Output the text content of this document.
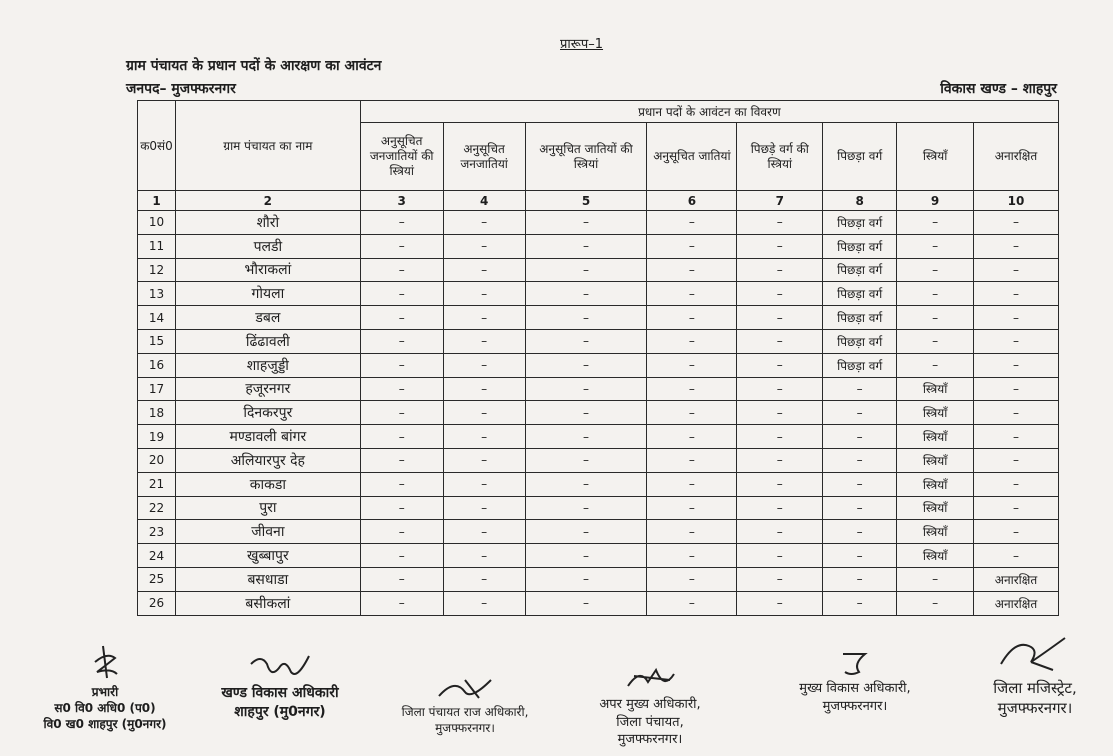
प्रारूप–1
ग्राम पंचायत के प्रधान पदों के आरक्षण का आवंटन
जनपद– मुजफ्फरनगर	विकास खण्ड – शाहपुर
क0सं0	ग्राम पंचायत का नाम	प्रधान पदों के आवंटन का विवरण							
		अनुसूचित जनजातियों की स्त्रियां	अनुसूचित जनजातियां	अनुसूचित जातियों की स्त्रियां	अनुसूचित जातियां	पिछड़े वर्ग की स्त्रियां	पिछड़ा वर्ग	स्त्रियाँ	अनारक्षित
1	2	3	4	5	6	7	8	9	10
10	शौरो	–	–	–	–	–	पिछड़ा वर्ग	–	–
11	पलडी	–	–	–	–	–	पिछड़ा वर्ग	–	–
12	भौराकलां	–	–	–	–	–	पिछड़ा वर्ग	–	–
13	गोयला	–	–	–	–	–	पिछड़ा वर्ग	–	–
14	डबल	–	–	–	–	–	पिछड़ा वर्ग	–	–
15	ढिंढावली	–	–	–	–	–	पिछड़ा वर्ग	–	–
16	शाहजुड्डी	–	–	–	–	–	पिछड़ा वर्ग	–	–
17	हजूरनगर	–	–	–	–	–	–	स्त्रियाँ	–
18	दिनकरपुर	–	–	–	–	–	–	स्त्रियाँ	–
19	मण्डावली बांगर	–	–	–	–	–	–	स्त्रियाँ	–
20	अलियारपुर देह	–	–	–	–	–	–	स्त्रियाँ	–
21	काकडा	–	–	–	–	–	–	स्त्रियाँ	–
22	पुरा	–	–	–	–	–	–	स्त्रियाँ	–
23	जीवना	–	–	–	–	–	–	स्त्रियाँ	–
24	खुब्बापुर	–	–	–	–	–	–	स्त्रियाँ	–
25	बसधाडा	–	–	–	–	–	–	–	अनारक्षित
26	बसीकलां	–	–	–	–	–	–	–	अनारक्षित
प्रभारी
स0 वि0 अधि0 (प0)
वि0 ख0 शाहपुर (मु0नगर)
खण्ड विकास अधिकारी
शाहपुर (मु0नगर)	जिला पंचायत राज अधिकारी,
मुजफ्फरनगर।
अपर मुख्य अधिकारी,
जिला पंचायत,
मुजफ्फरनगर।
मुख्य विकास अधिकारी,
मुजफ्फरनगर।
जिला मजिस्ट्रेट,
मुजफ्फरनगर।
